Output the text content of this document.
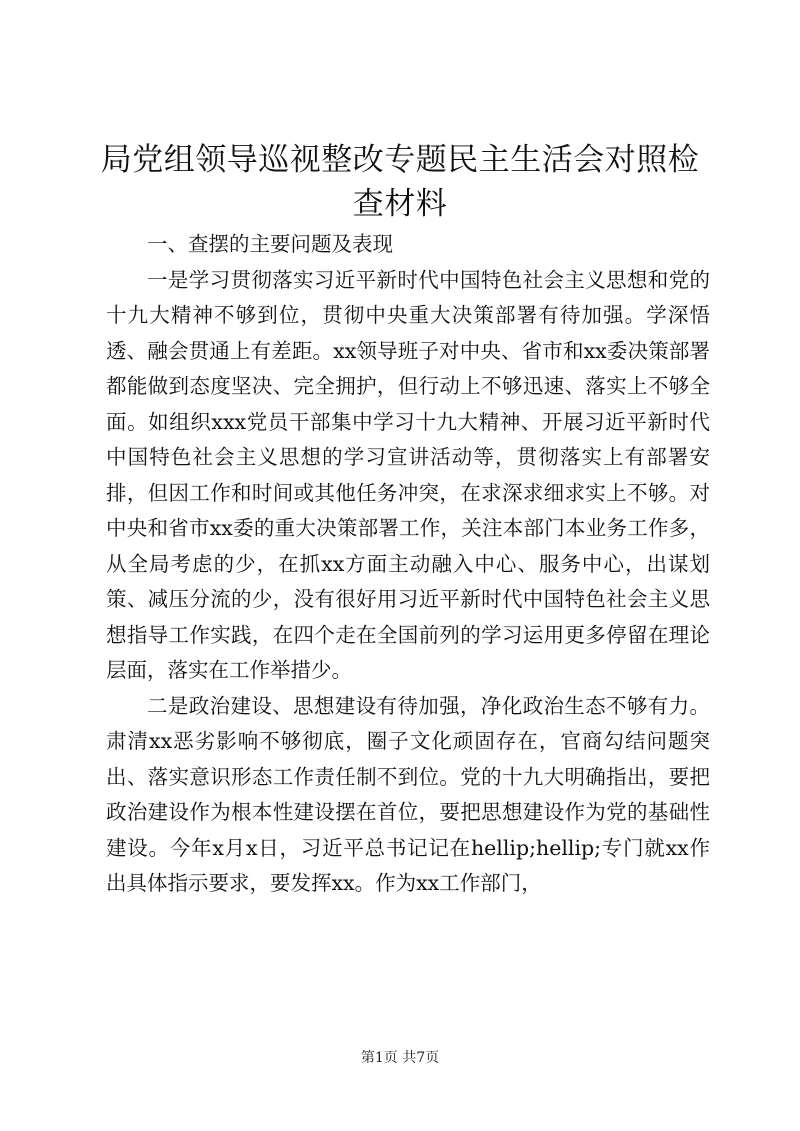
局党组领导巡视整改专题民主生活会对照检查材料

一、查摆的主要问题及表现

一是学习贯彻落实习近平新时代中国特色社会主义思想和党的十九大精神不够到位，贯彻中央重大决策部署有待加强。学深悟透、融会贯通上有差距。xx领导班子对中央、省市和xx委决策部署都能做到态度坚决、完全拥护，但行动上不够迅速、落实上不够全面。如组织xxx党员干部集中学习十九大精神、开展习近平新时代中国特色社会主义思想的学习宣讲活动等，贯彻落实上有部署安排，但因工作和时间或其他任务冲突，在求深求细求实上不够。对中央和省市xx委的重大决策部署工作，关注本部门本业务工作多，从全局考虑的少，在抓xx方面主动融入中心、服务中心，出谋划策、减压分流的少，没有很好用习近平新时代中国特色社会主义思想指导工作实践，在四个走在全国前列的学习运用更多停留在理论层面，落实在工作举措少。

二是政治建设、思想建设有待加强，净化政治生态不够有力。肃清xx恶劣影响不够彻底，圈子文化顽固存在，官商勾结问题突出、落实意识形态工作责任制不到位。党的十九大明确指出，要把政治建设作为根本性建设摆在首位，要把思想建设作为党的基础性建设。今年x月x日，习近平总书记记在hellip;hellip;专门就xx作出具体指示要求，要发挥xx。作为xx工作部门，

第1页 共7页
